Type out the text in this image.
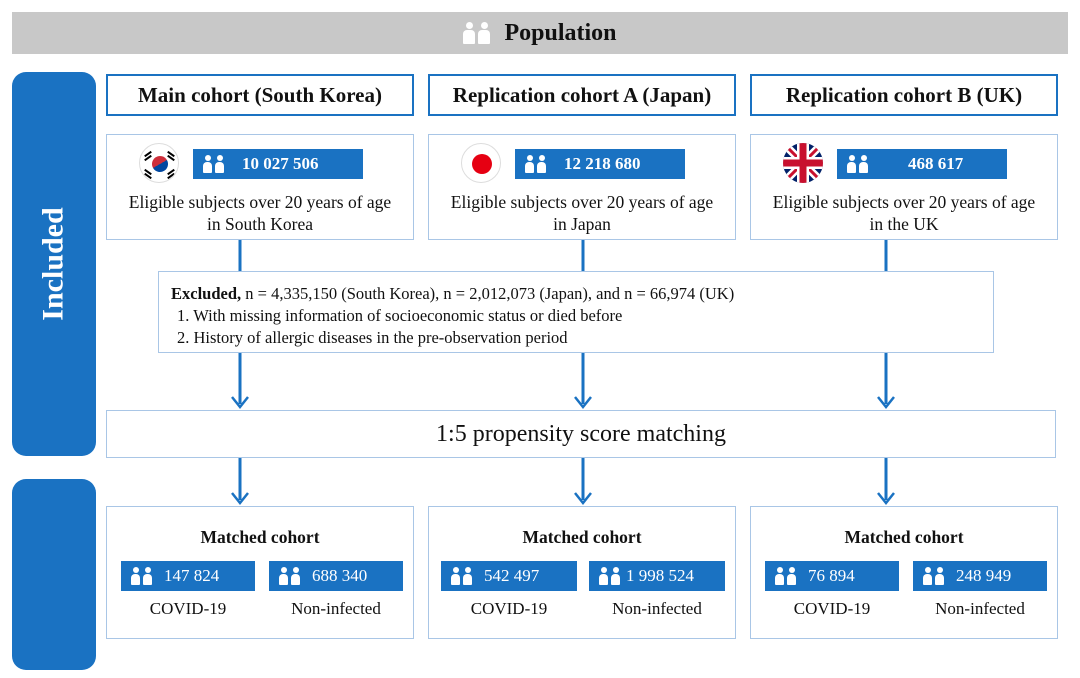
Population
Included
Main cohort (South Korea)	Replication cohort A (Japan)	Replication cohort B (UK)
10 027 506
Eligible subjects over 20 years of age
in South Korea
12 218 680
Eligible subjects over 20 years of age
in Japan
468 617
Eligible subjects over 20 years of age
in the UK
Excluded, n = 4,335,150 (South Korea), n = 2,012,073 (Japan), and n = 66,974 (UK)
1. With missing information of socioeconomic status or died before
2. History of allergic diseases in the pre-observation period
1:5 propensity score matching
Matched cohort
147 824	688 340
COVID-19	Non-infected
Matched cohort
542 497	1 998 524
COVID-19	Non-infected
Matched cohort
76 894	248 949
COVID-19	Non-infected
